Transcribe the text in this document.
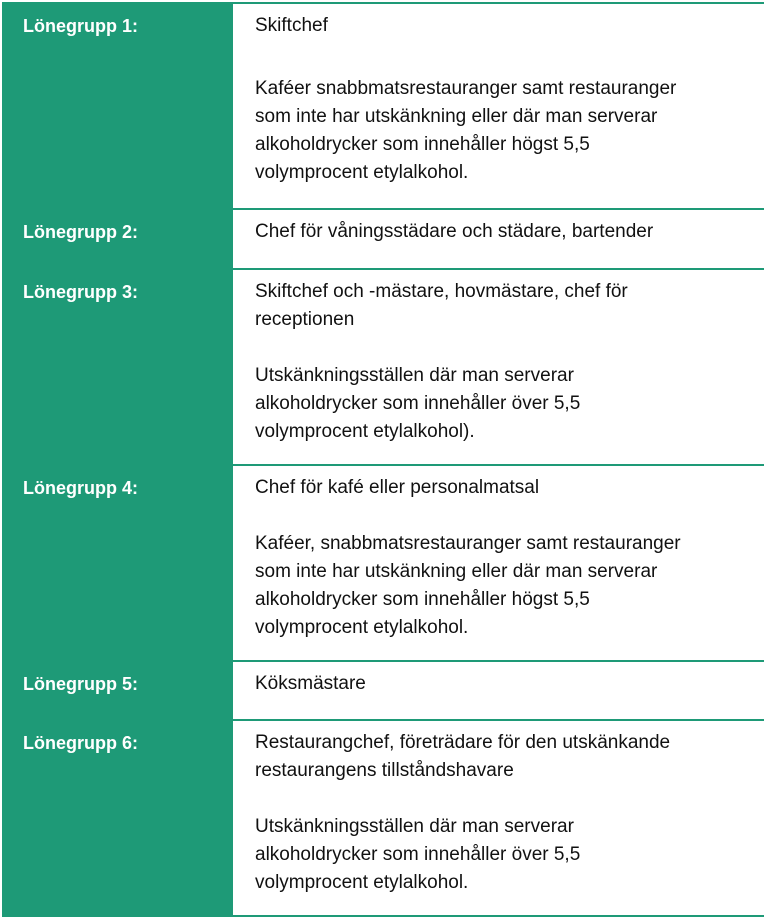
Lönegrupp 1:	Skiftchef

Kaféer snabbmatsrestauranger samt restauranger som inte har utskänkning eller där man serverar alkoholdrycker som innehåller högst 5,5 volymprocent etylalkohol.

Lönegrupp 2:	Chef för våningsstädare och städare, bartender

Lönegrupp 3:	Skiftchef och -mästare, hovmästare, chef för receptionen

Utskänkningsställen där man serverar alkoholdrycker som innehåller över 5,5 volymprocent etylalkohol).

Lönegrupp 4:	Chef för kafé eller personalmatsal

Kaféer, snabbmatsrestauranger samt restauranger som inte har utskänkning eller där man serverar alkoholdrycker som innehåller högst 5,5 volymprocent etylalkohol.

Lönegrupp 5:	Köksmästare

Lönegrupp 6:	Restaurangchef, företrädare för den utskänkande restaurangens tillståndshavare

Utskänkningsställen där man serverar alkoholdrycker som innehåller över 5,5 volymprocent etylalkohol.
